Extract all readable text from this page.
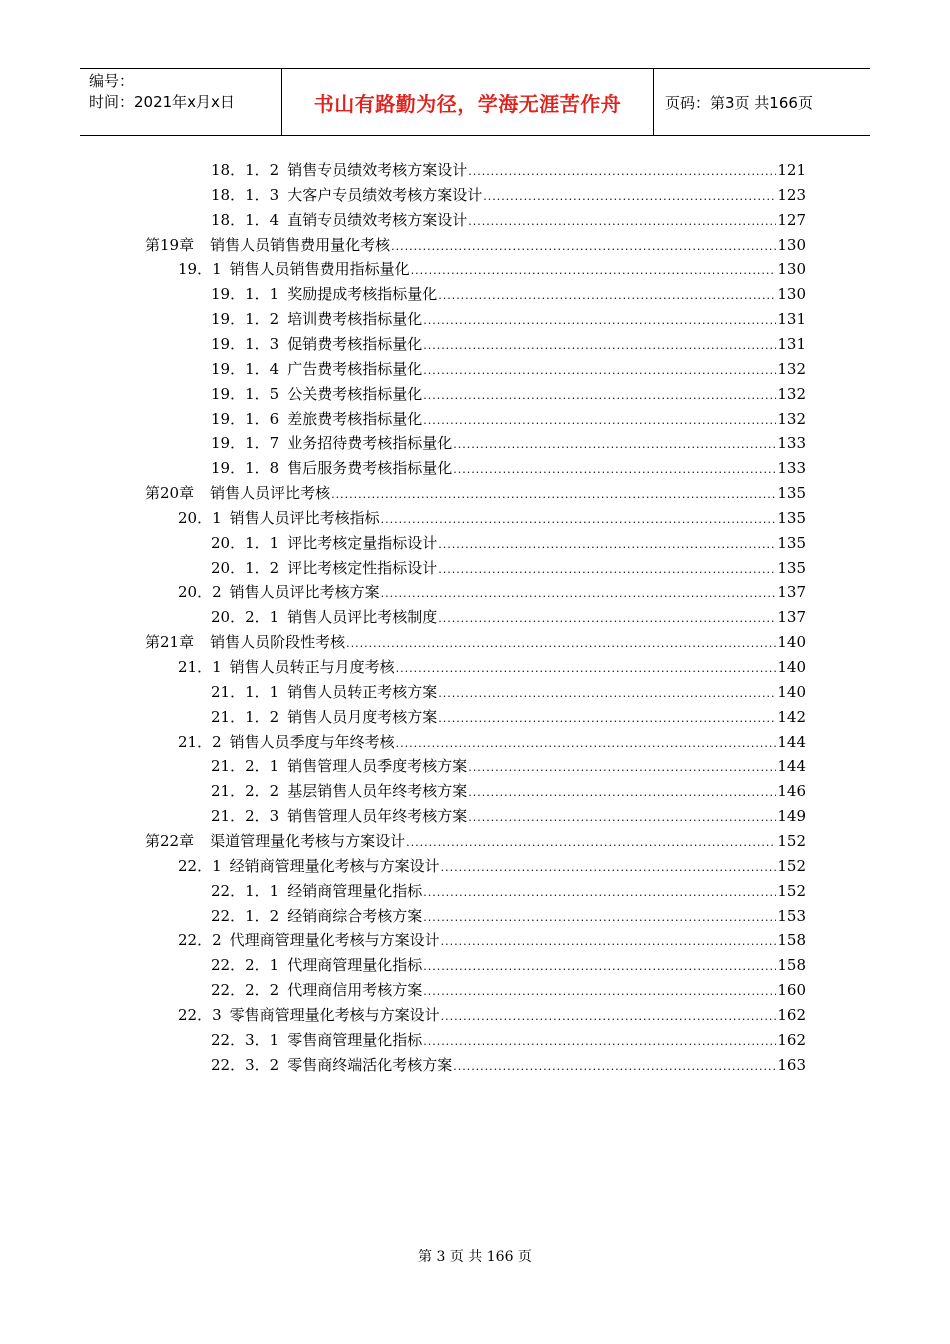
编号：
时间：2021年x月x日	书山有路勤为径，学海无涯苦作舟	页码：第3页 共166页
18．1．2 销售专员绩效考核方案设计 .....	121
18．1．3 大客户专员绩效考核方案设计 .....	123
18．1．4 直销专员绩效考核方案设计 .....	127
第19章	销售人员销售费用量化考核 .....	130
19．1 销售人员销售费用指标量化 .....	130
19．1．1 奖励提成考核指标量化 .....	130
19．1．2 培训费考核指标量化 .....	131
19．1．3 促销费考核指标量化 .....	131
19．1．4 广告费考核指标量化 .....	132
19．1．5 公关费考核指标量化 .....	132
19．1．6 差旅费考核指标量化 .....	132
19．1．7 业务招待费考核指标量化 .....	133
19．1．8 售后服务费考核指标量化 .....	133
第20章	销售人员评比考核 .....	135
20．1 销售人员评比考核指标 .....	135
20．1．1 评比考核定量指标设计 .....	135
20．1．2 评比考核定性指标设计 .....	135
20．2 销售人员评比考核方案 .....	137
20．2．1 销售人员评比考核制度 .....	137
第21章	销售人员阶段性考核 .....	140
21．1 销售人员转正与月度考核 .....	140
21．1．1 销售人员转正考核方案 .....	140
21．1．2 销售人员月度考核方案 .....	142
21．2 销售人员季度与年终考核 .....	144
21．2．1 销售管理人员季度考核方案 .....	144
21．2．2 基层销售人员年终考核方案 .....	146
21．2．3 销售管理人员年终考核方案 .....	149
第22章	渠道管理量化考核与方案设计 .....	152
22．1 经销商管理量化考核与方案设计 .....	152
22．1．1 经销商管理量化指标 .....	152
22．1．2 经销商综合考核方案 .....	153
22．2 代理商管理量化考核与方案设计 .....	158
22．2．1 代理商管理量化指标 .....	158
22．2．2 代理商信用考核方案 .....	160
22．3 零售商管理量化考核与方案设计 .....	162
22．3．1 零售商管理量化指标 .....	162
22．3．2 零售商终端活化考核方案 .....	163
第 3 页 共 166 页
